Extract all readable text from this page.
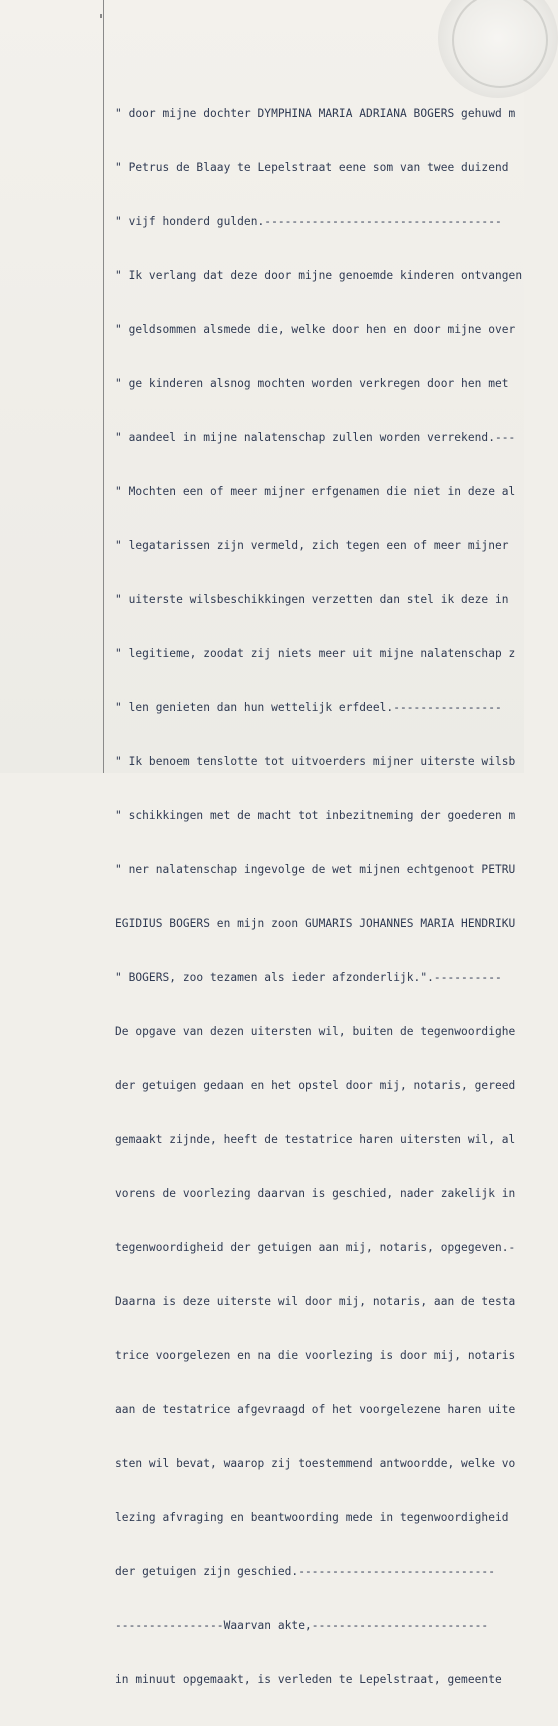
" door mijne dochter DYMPHINA MARIA ADRIANA BOGERS gehuwd m

" Petrus de Blaay te Lepelstraat eene som van twee duizend

" vijf honderd gulden.-----------------------------------

" Ik verlang dat deze door mijne genoemde kinderen ontvangen

" geldsommen alsmede die, welke door hen en door mijne over

" ge kinderen alsnog mochten worden verkregen door hen met

" aandeel in mijne nalatenschap zullen worden verrekend.---

" Mochten een of meer mijner erfgenamen die niet in deze al

" legatarissen zijn vermeld, zich tegen een of meer mijner

" uiterste wilsbeschikkingen verzetten dan stel ik deze in

" legitieme, zoodat zij niets meer uit mijne nalatenschap z

" len genieten dan hun wettelijk erfdeel.----------------

" Ik benoem tenslotte tot uitvoerders mijner uiterste wilsb

" schikkingen met de macht tot inbezitneming der goederen m

" ner nalatenschap ingevolge de wet mijnen echtgenoot PETRU

EGIDIUS BOGERS en mijn zoon GUMARIS JOHANNES MARIA HENDRIKU

" BOGERS, zoo tezamen als ieder afzonderlijk.".----------

De opgave van dezen uitersten wil, buiten de tegenwoordighe

der getuigen gedaan en het opstel door mij, notaris, gereed

gemaakt zijnde, heeft de testatrice haren uitersten wil, al

vorens de voorlezing daarvan is geschied, nader zakelijk in

tegenwoordigheid der getuigen aan mij, notaris, opgegeven.-

Daarna is deze uiterste wil door mij, notaris, aan de testa

trice voorgelezen en na die voorlezing is door mij, notaris

aan de testatrice afgevraagd of het voorgelezene haren uite

sten wil bevat, waarop zij toestemmend antwoordde, welke vo

lezing afvraging en beantwoording mede in tegenwoordigheid

der getuigen zijn geschied.-----------------------------

----------------Waarvan akte,--------------------------

in minuut opgemaakt, is verleden te Lepelstraat, gemeente
